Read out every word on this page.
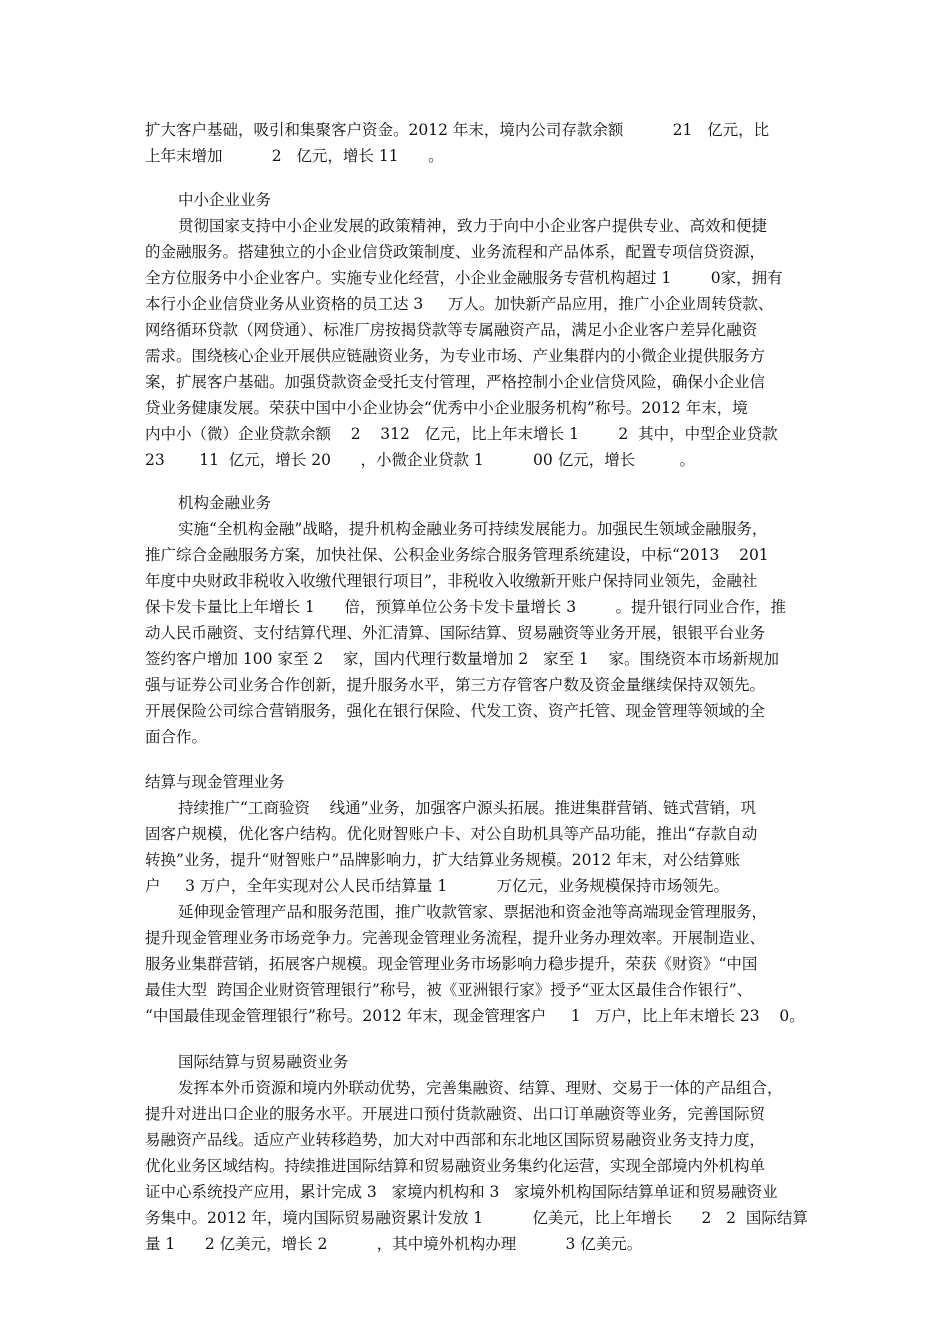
扩大客户基础，吸引和集聚客户资金。2012 年末，境内公司存款余额          21   亿元，比
上年末增加          2   亿元，增长 11      。
中小企业业务
贯彻国家支持中小企业发展的政策精神，致力于向中小企业客户提供专业、高效和便捷
的金融服务。搭建独立的小企业信贷政策制度、业务流程和产品体系，配置专项信贷资源，
全方位服务中小企业客户。实施专业化经营，小企业金融服务专营机构超过 1        0家，拥有
本行小企业信贷业务从业资格的员工达 3     万人。加快新产品应用，推广小企业周转贷款、
网络循环贷款（网贷通）、标准厂房按揭贷款等专属融资产品，满足小企业客户差异化融资
需求。围绕核心企业开展供应链融资业务，为专业市场、产业集群内的小微企业提供服务方
案，扩展客户基础。加强贷款资金受托支付管理，严格控制小企业信贷风险，确保小企业信
贷业务健康发展。荣获中国中小企业协会“优秀中小企业服务机构”称号。2012 年末，境
内中小（微）企业贷款余额    2    312   亿元，比上年末增长 1        2  其中，中型企业贷款
23       11  亿元，增长 20      ，小微企业贷款 1          00 亿元，增长         。
机构金融业务
实施“全机构金融”战略，提升机构金融业务可持续发展能力。加强民生领域金融服务，
推广综合金融服务方案，加快社保、公积金业务综合服务管理系统建设，中标“2013    201
年度中央财政非税收入收缴代理银行项目”，非税收入收缴新开账户保持同业领先，金融社
保卡发卡量比上年增长 1      倍，预算单位公务卡发卡量增长 3        。提升银行同业合作，推
动人民币融资、支付结算代理、外汇清算、国际结算、贸易融资等业务开展，银银平台业务
签约客户增加 100 家至 2    家，国内代理行数量增加 2   家至 1    家。围绕资本市场新规加
强与证券公司业务合作创新，提升服务水平，第三方存管客户数及资金量继续保持双领先。
开展保险公司综合营销服务，强化在银行保险、代发工资、资产托管、现金管理等领域的全
面合作。
结算与现金管理业务
持续推广“工商验资    线通”业务，加强客户源头拓展。推进集群营销、链式营销，巩
固客户规模，优化客户结构。优化财智账户卡、对公自助机具等产品功能，推出“存款自动
转换”业务，提升“财智账户”品牌影响力，扩大结算业务规模。2012 年末，对公结算账
户     3 万户，全年实现对公人民币结算量 1          万亿元，业务规模保持市场领先。
延伸现金管理产品和服务范围，推广收款管家、票据池和资金池等高端现金管理服务，
提升现金管理业务市场竞争力。完善现金管理业务流程，提升业务办理效率。开展制造业、
服务业集群营销，拓展客户规模。现金管理业务市场影响力稳步提升，荣获《财资》“中国
最佳大型  跨国企业财资管理银行”称号，被《亚洲银行家》授予“亚太区最佳合作银行”、
“中国最佳现金管理银行”称号。2012 年末，现金管理客户     1   万户，比上年末增长 23    0。
国际结算与贸易融资业务
发挥本外币资源和境内外联动优势，完善集融资、结算、理财、交易于一体的产品组合，
提升对进出口企业的服务水平。开展进口预付货款融资、出口订单融资等业务，完善国际贸
易融资产品线。适应产业转移趋势，加大对中西部和东北地区国际贸易融资业务支持力度，
优化业务区域结构。持续推进国际结算和贸易融资业务集约化运营，实现全部境内外机构单
证中心系统投产应用，累计完成 3   家境内机构和 3   家境外机构国际结算单证和贸易融资业
务集中。2012 年，境内国际贸易融资累计发放 1          亿美元，比上年增长      2   2  国际结算
量 1      2 亿美元，增长 2          ，其中境外机构办理          3 亿美元。
